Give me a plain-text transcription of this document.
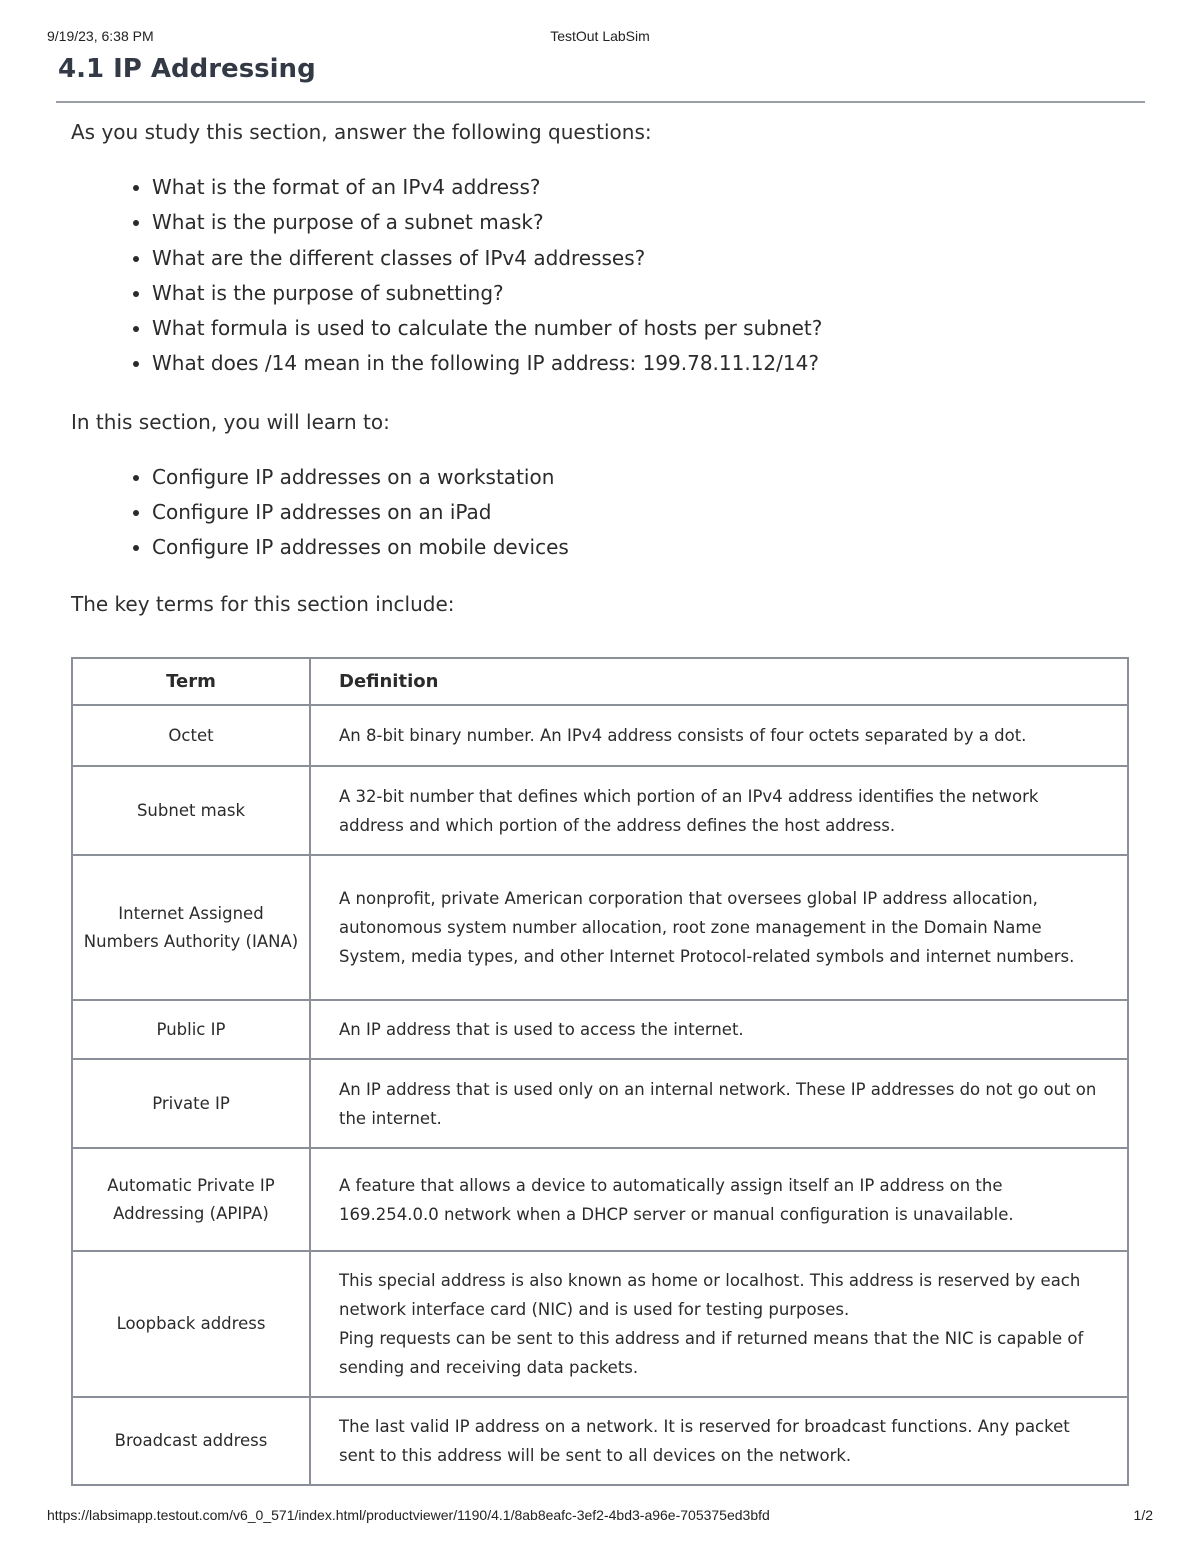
9/19/23, 6:38 PM	TestOut LabSim
4.1 IP Addressing

As you study this section, answer the following questions:

• What is the format of an IPv4 address?
• What is the purpose of a subnet mask?
• What are the different classes of IPv4 addresses?
• What is the purpose of subnetting?
• What formula is used to calculate the number of hosts per subnet?
• What does /14 mean in the following IP address: 199.78.11.12/14?

In this section, you will learn to:

• Configure IP addresses on a workstation
• Configure IP addresses on an iPad
• Configure IP addresses on mobile devices

The key terms for this section include:

Term	Definition
Octet	An 8-bit binary number. An IPv4 address consists of four octets separated by a dot.
Subnet mask	A 32-bit number that defines which portion of an IPv4 address identifies the network address and which portion of the address defines the host address.
Internet Assigned Numbers Authority (IANA)	A nonprofit, private American corporation that oversees global IP address allocation, autonomous system number allocation, root zone management in the Domain Name System, media types, and other Internet Protocol-related symbols and internet numbers.
Public IP	An IP address that is used to access the internet.
Private IP	An IP address that is used only on an internal network. These IP addresses do not go out on the internet.
Automatic Private IP Addressing (APIPA)	A feature that allows a device to automatically assign itself an IP address on the 169.254.0.0 network when a DHCP server or manual configuration is unavailable.
Loopback address	This special address is also known as home or localhost. This address is reserved by each network interface card (NIC) and is used for testing purposes.
Ping requests can be sent to this address and if returned means that the NIC is capable of sending and receiving data packets.

Broadcast address	The last valid IP address on a network. It is reserved for broadcast functions. Any packet sent to this address will be sent to all devices on the network.
https://labsimapp.testout.com/v6_0_571/index.html/productviewer/1190/4.1/8ab8eafc-3ef2-4bd3-a96e-705375ed3bfd	1/2
